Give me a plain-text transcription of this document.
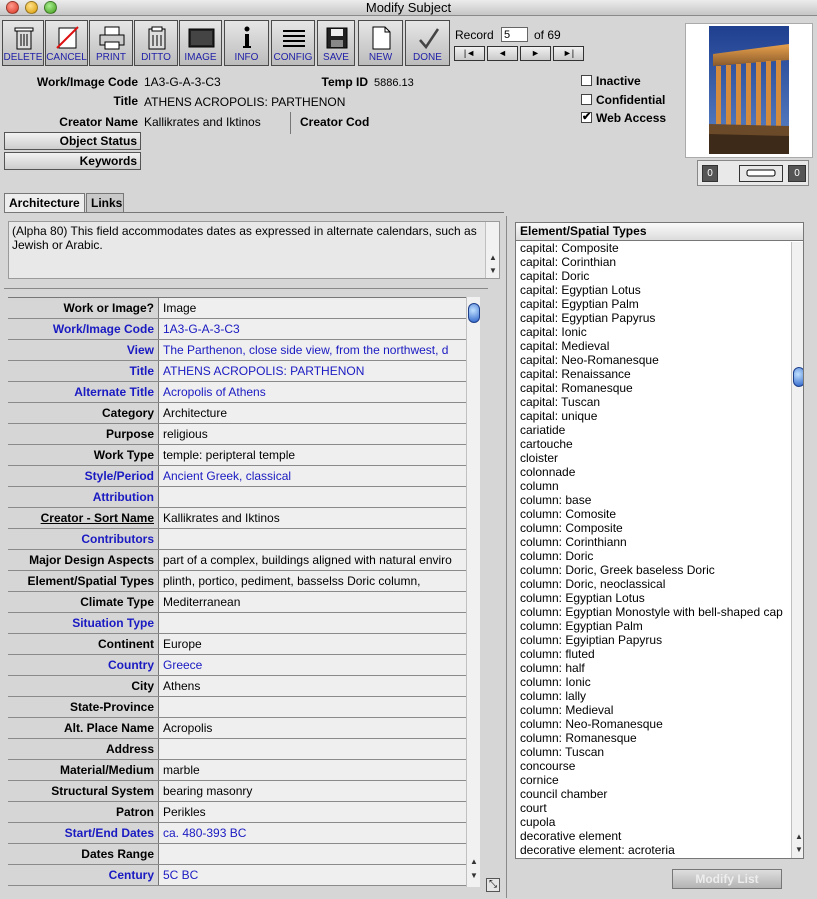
Modify Subject
DELETE CANCEL PRINT	DITTO	IMAGE	INFO	CONFIG	SAVE	NEW	DONE
Record
5	of 69
|◄	◄	►	►|
0	0
Work/Image Code 1A3-G-A-3-C3	Temp ID 5886.13
Title ATHENS ACROPOLIS: PARTHENON
Creator Name Kallikrates and Iktinos	Creator Cod
Object Status
Keywords
Inactive
Confidential
✔Web Access
Architecture Links
(Alpha 80) This field accommodates dates as expressed in alternate calendars, such as Jewish or Arabic.
▲
▼
Work or Image? Image
Work/Image Code 1A3-G-A-3-C3
View The Parthenon, close side view, from the northwest, d
Title ATHENS ACROPOLIS: PARTHENON
Alternate Title Acropolis of Athens
Category Architecture
Purpose religious
Work Type temple: peripteral temple
Style/Period Ancient Greek, classical
Attribution
Creator - Sort Name Kallikrates and Iktinos
Contributors
Major Design Aspects part of a complex, buildings aligned with natural enviro
Element/Spatial Types plinth, portico, pediment, basselss Doric column,
Climate Type Mediterranean
Situation Type
Continent Europe
Country Greece
City Athens
State-Province
Alt. Place Name Acropolis
Address
Material/Medium marble
Structural System bearing masonry
Patron Perikles
Start/End Dates ca. 480-393 BC
Dates Range
Century 5C BC
▲
▼
⤡
Element/Spatial Types
capital: Composite
capital: Corinthian
capital: Doric
capital: Egyptian Lotus
capital: Egyptian Palm
capital: Egyptian Papyrus
capital: Ionic
capital: Medieval
capital: Neo-Romanesque
capital: Renaissance
capital: Romanesque
capital: Tuscan
capital: unique
cariatide
cartouche
cloister
colonnade
column
column: base
column: Comosite
column: Composite
column: Corinthiann
column: Doric
column: Doric, Greek baseless Doric
column: Doric, neoclassical
column: Egyptian Lotus
column: Egyptian Monostyle with bell-shaped cap
column: Egyptian Palm
column: Egyiptian Papyrus
column: fluted
column: half
column: Ionic
column: lally
column: Medieval
column: Neo-Romanesque
column: Romanesque
column: Tuscan
concourse
cornice
council chamber
court
cupola
decorative element
decorative element: acroteria
▲
▼
Modify List
